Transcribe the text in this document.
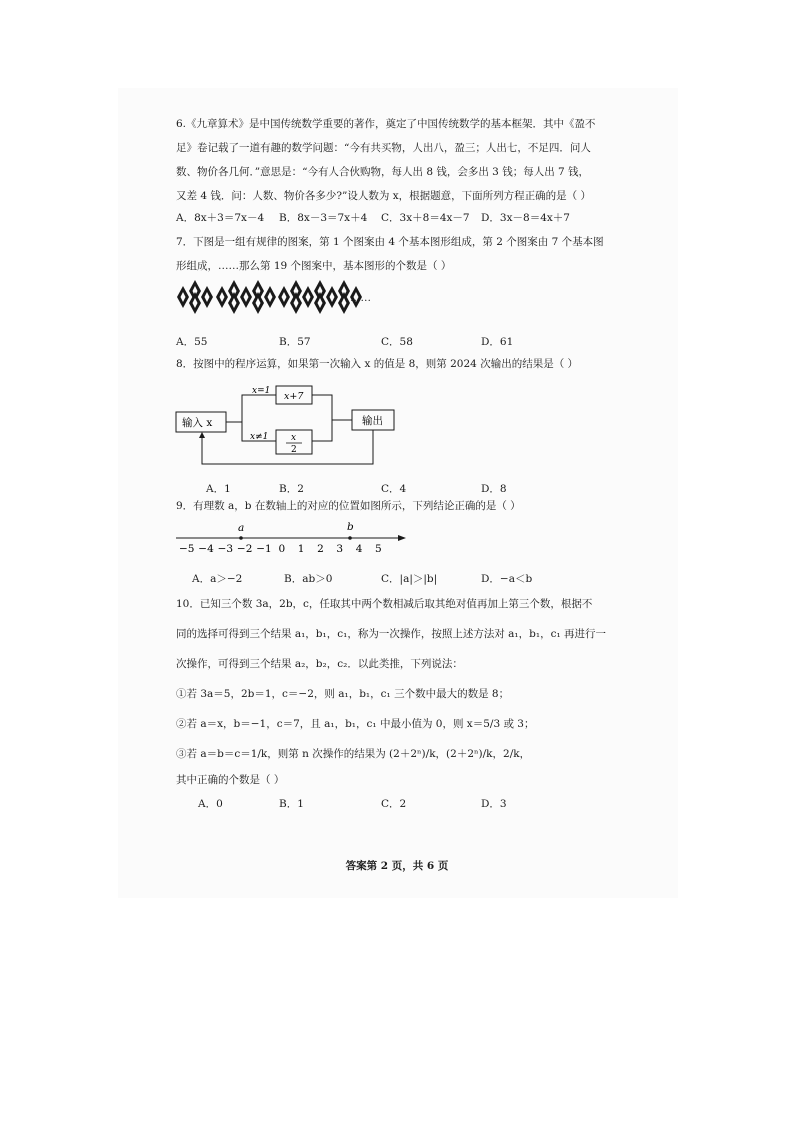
6.《九章算术》是中国传统数学重要的著作，奠定了中国传统数学的基本框架．其中《盈不
足》卷记载了一道有趣的数学问题：“今有共买物，人出八，盈三；人出七，不足四．问人
数、物价各几何．”意思是：“今有人合伙购物，每人出 8 钱，会多出 3 钱；每人出 7 钱，
又差 4 钱．问：人数、物价各多少?”设人数为 x，根据题意，下面所列方程正确的是（ ）
A．8x＋3＝7x－4 B．8x－3＝7x＋4 C．3x＋8＝4x－7 D．3x－8＝4x＋7
7．下图是一组有规律的图案，第 1 个图案由 4 个基本图形组成，第 2 个图案由 7 个基本图
形组成，……那么第 19 个图案中，基本图形的个数是（ ）
……
A．55	B．57	C．58	D．61
8．按图中的程序运算，如果第一次输入 x 的值是 8，则第 2024 次输出的结果是（ ）
输入 x	输出
x=1 x+7
x≠1	x
2
A．1	B．2	C．4	D．8
9．有理数 a，b 在数轴上的对应的位置如图所示，下列结论正确的是（ ）
−5 −4 −3 −2 −1 0 1 2 3 4 5
a	b
A．a＞−2	B．ab＞0	C．|a|＞|b|	D．−a＜b
10．已知三个数 3a，2b，c，任取其中两个数相减后取其绝对值再加上第三个数，根据不
同的选择可得到三个结果 a₁，b₁，c₁，称为一次操作，按照上述方法对 a₁，b₁，c₁ 再进行一
次操作，可得到三个结果 a₂，b₂，c₂．以此类推，下列说法：
①若 3a＝5，2b＝1，c＝−2，则 a₁，b₁，c₁ 三个数中最大的数是 8；
②若 a＝x，b＝−1，c＝7，且 a₁，b₁，c₁ 中最小值为 0，则 x＝5/3 或 3；
③若 a＝b＝c＝1/k，则第 n 次操作的结果为 (2＋2ⁿ)/k，(2＋2ⁿ)/k，2/k，
其中正确的个数是（ ）
A．0	B．1	C．2	D．3
答案第 2 页，共 6 页
